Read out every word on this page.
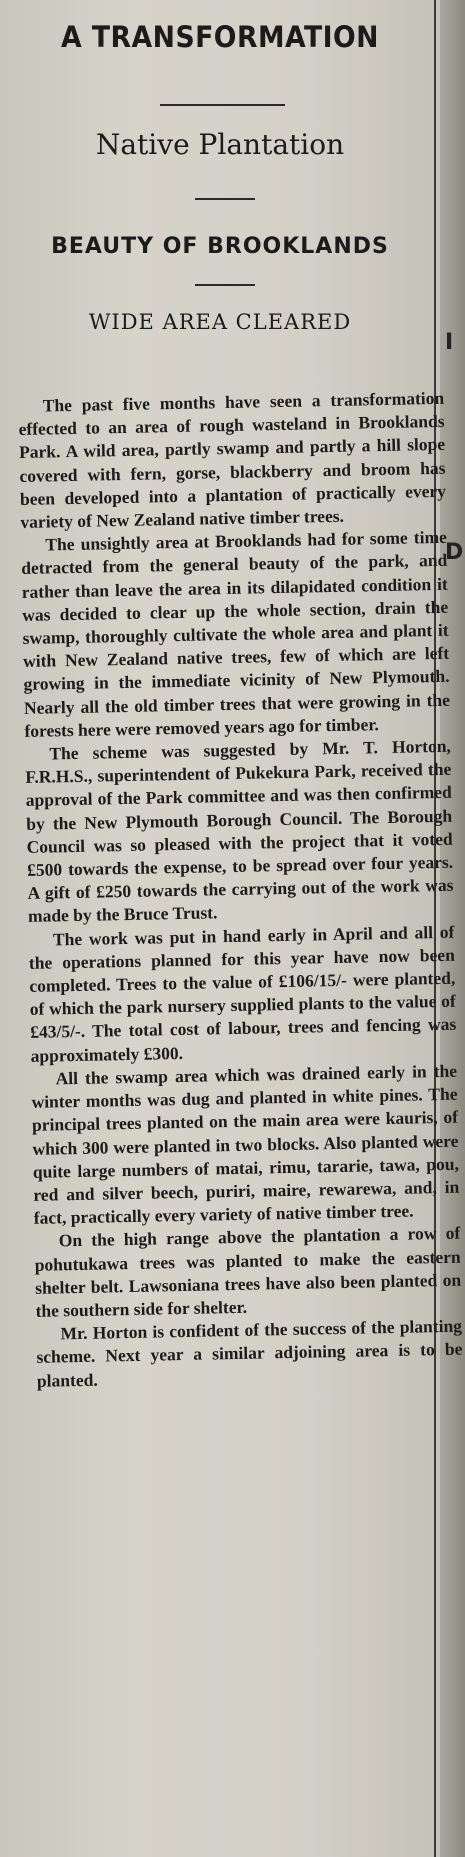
I
D
A TRANSFORMATION
Native Plantation
BEAUTY OF BROOKLANDS
WIDE AREA CLEARED

The past five months have seen a transformation effected to an area of rough wasteland in Brooklands Park. A wild area, partly swamp and partly a hill slope covered with fern, gorse, blackberry and broom has been developed into a plantation of practically every variety of New Zealand native timber trees.

The unsightly area at Brooklands had for some time detracted from the general beauty of the park, and rather than leave the area in its dilapidated condition it was decided to clear up the whole section, drain the swamp, thoroughly cultivate the whole area and plant it with New Zealand native trees, few of which are left growing in the immediate vicinity of New Plymouth. Nearly all the old timber trees that were growing in the forests here were removed years ago for timber.

The scheme was suggested by Mr. T. Horton, F.R.H.S., superintendent of Pukekura Park, received the approval of the Park committee and was then confirmed by the New Plymouth Borough Council. The Borough Council was so pleased with the project that it voted £500 towards the expense, to be spread over four years. A gift of £250 towards the carrying out of the work was made by the Bruce Trust.

The work was put in hand early in April and all of the operations planned for this year have now been completed. Trees to the value of £106/15/- were planted, of which the park nursery supplied plants to the value of £43/5/-. The total cost of labour, trees and fencing was approximately £300.

All the swamp area which was drained early in the winter months was dug and planted in white pines. The principal trees planted on the main area were kauris, of which 300 were planted in two blocks. Also planted were quite large numbers of matai, rimu, tararie, tawa, pou, red and silver beech, puriri, maire, rewarewa, and, in fact, practically every variety of native timber tree.

On the high range above the plantation a row of pohutukawa trees was planted to make the eastern shelter belt. Lawsoniana trees have also been planted on the southern side for shelter.

Mr. Horton is confident of the success of the planting scheme. Next year a similar adjoining area is to be planted.
